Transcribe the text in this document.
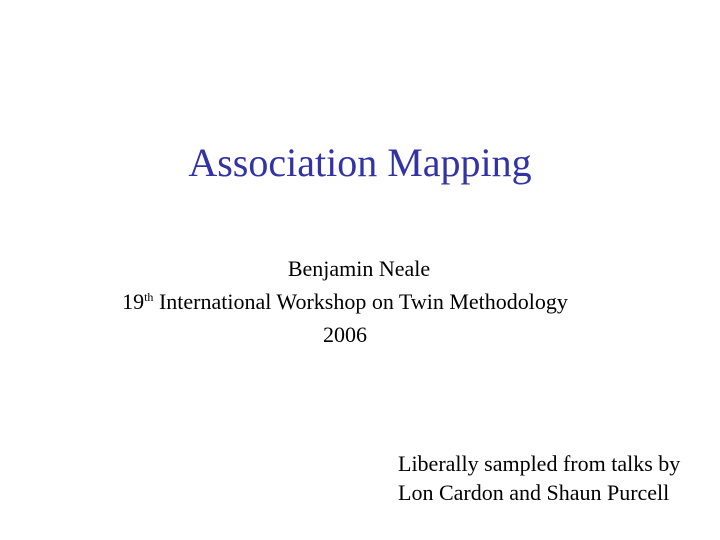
Association Mapping
Benjamin Neale
19th International Workshop on Twin Methodology
2006
Liberally sampled from talks by
Lon Cardon and Shaun Purcell
